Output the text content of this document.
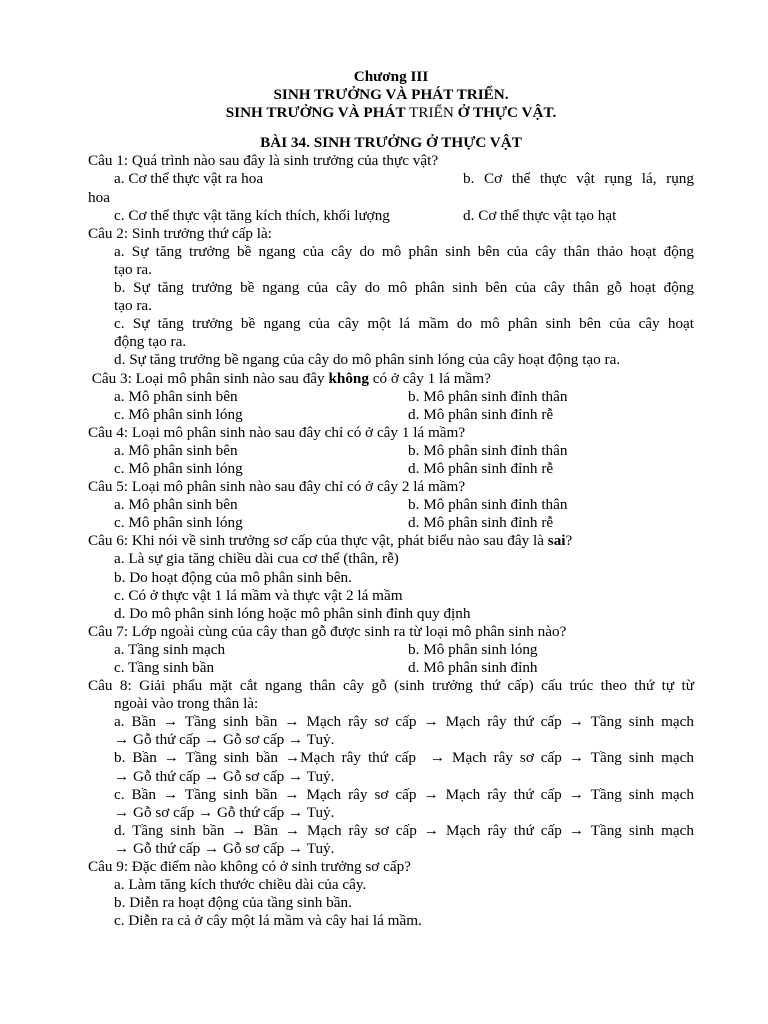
Chương III
SINH TRƯỞNG VÀ PHÁT TRIỂN.
SINH TRƯỞNG VÀ PHÁT TRIỂN Ở THỰC VẬT.
BÀI 34. SINH TRƯỞNG Ở THỰC VẬT
Câu 1: Quá trình nào sau đây là sinh trưởng của thực vật?
a. Cơ thể thực vật ra hoa	b. Cơ thể thực vật rụng lá, rụng
hoa
c. Cơ thể thực vật tăng kích thích, khối lượng	d. Cơ thể thực vật tạo hạt
Câu 2: Sinh trưởng thứ cấp là:
a. Sự tăng trưởng bề ngang của cây do mô phân sinh bên của cây thân thảo hoạt động
tạo ra.
b. Sự tăng trưởng bề ngang của cây do mô phân sinh bên của cây thân gỗ hoạt động
tạo ra.
c. Sự tăng trưởng bề ngang của cây một lá mầm do mô phân sinh bên của cây hoạt
động tạo ra.
d. Sự tăng trưởng bề ngang của cây do mô phân sinh lóng của cây hoạt động tạo ra.
Câu 3: Loại mô phân sinh nào sau đây không có ở cây 1 lá mầm?
a. Mô phân sinh bên	b. Mô phân sinh đỉnh thân
c. Mô phân sinh lóng	d. Mô phân sinh đỉnh rễ
Câu 4: Loại mô phân sinh nào sau đây chỉ có ở cây 1 lá mầm?
a. Mô phân sinh bên	b. Mô phân sinh đỉnh thân
c. Mô phân sinh lóng	d. Mô phân sinh đỉnh rễ
Câu 5: Loại mô phân sinh nào sau đây chỉ có ở cây 2 lá mầm?
a. Mô phân sinh bên	b. Mô phân sinh đỉnh thân
c. Mô phân sinh lóng	d. Mô phân sinh đỉnh rễ
Câu 6: Khi nói về sinh trưởng sơ cấp của thực vật, phát biểu nào sau đây là sai?
a. Là sự gia tăng chiều dài cua cơ thể (thân, rễ)
b. Do hoạt động của mô phân sinh bên.
c. Có ở thực vật 1 lá mầm và thực vật 2 lá mầm
d. Do mô phân sinh lóng hoặc mô phân sinh đỉnh quy định
Câu 7: Lớp ngoài cùng của cây than gỗ được sinh ra từ loại mô phân sinh nào?
a. Tầng sinh mạch	b. Mô phân sinh lóng
c. Tầng sinh bần	d. Mô phân sinh đỉnh
Câu 8: Giải phẩu mặt cắt ngang thân cây gỗ (sinh trưởng thứ cấp) cấu trúc theo thứ tự từ
ngoài vào trong thân là:
a. Bần → Tầng sinh bần → Mạch rây sơ cấp → Mạch rây thứ cấp → Tầng sinh mạch
→ Gỗ thứ cấp → Gỗ sơ cấp → Tuỷ.
b. Bần → Tầng sinh bần →Mạch rây thứ cấp  → Mạch rây sơ cấp → Tầng sinh mạch
→ Gỗ thứ cấp → Gỗ sơ cấp → Tuỷ.
c. Bần → Tầng sinh bần → Mạch rây sơ cấp → Mạch rây thứ cấp → Tầng sinh mạch
→ Gỗ sơ cấp → Gỗ thứ cấp → Tuỷ.
d. Tầng sinh bần → Bần → Mạch rây sơ cấp → Mạch rây thứ cấp → Tầng sinh mạch
→ Gỗ thứ cấp → Gỗ sơ cấp → Tuỷ.
Câu 9: Đặc điểm nào không có ở sinh trưởng sơ cấp?
a. Làm tăng kích thước chiều dài của cây.
b. Diễn ra hoạt động của tầng sinh bần.
c. Diễn ra cả ở cây một lá mầm và cây hai lá mầm.
